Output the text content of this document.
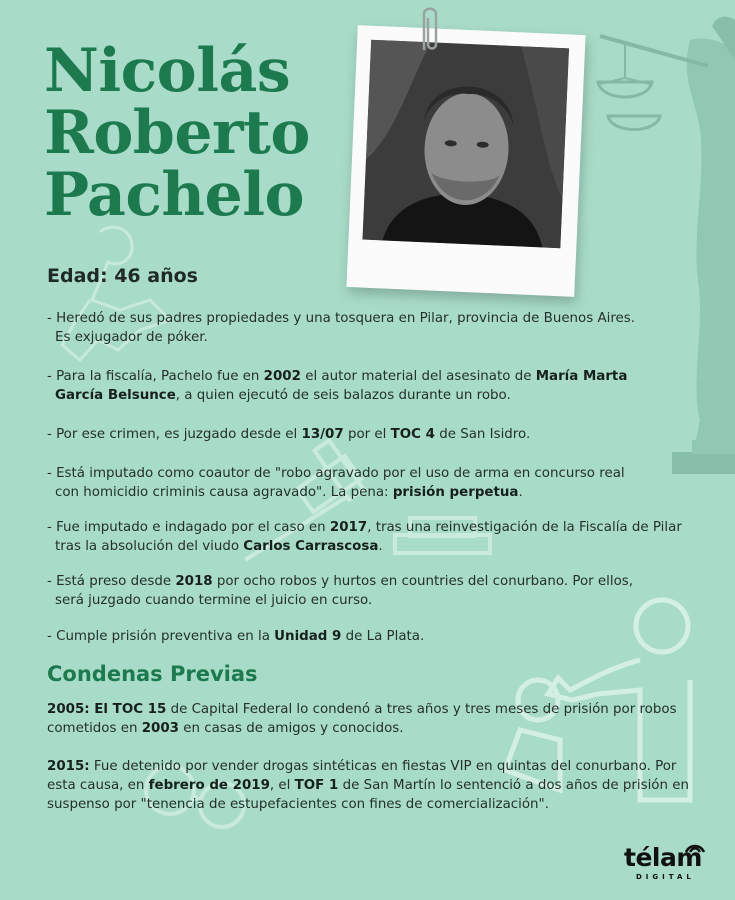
Nicolás
Roberto
Pachelo
Edad: 46 años
- Heredó de sus padres propiedades y una tosquera en Pilar, provincia de Buenos Aires.
Es exjugador de póker.
- Para la fiscalía, Pachelo fue en 2002 el autor material del asesinato de María Marta
García Belsunce, a quien ejecutó de seis balazos durante un robo.
- Por ese crimen, es juzgado desde el 13/07 por el TOC 4 de San Isidro.
- Está imputado como coautor de "robo agravado por el uso de arma en concurso real
con homicidio criminis causa agravado". La pena: prisión perpetua.
- Fue imputado e indagado por el caso en 2017, tras una reinvestigación de la Fiscalía de Pilar
tras la absolución del viudo Carlos Carrascosa.
- Está preso desde 2018 por ocho robos y hurtos en countries del conurbano. Por ellos,
será juzgado cuando termine el juicio en curso.
- Cumple prisión preventiva en la Unidad 9 de La Plata.
Condenas Previas
2005: El TOC 15 de Capital Federal lo condenó a tres años y tres meses de prisión por robos
cometidos en 2003 en casas de amigos y conocidos.
2015: Fue detenido por vender drogas sintéticas en fiestas VIP en quintas del conurbano. Por
esta causa, en febrero de 2019, el TOF 1 de San Martín lo sentenció a dos años de prisión en
suspenso por "tenencia de estupefacientes con fines de comercialización".
télam
DIGITAL
